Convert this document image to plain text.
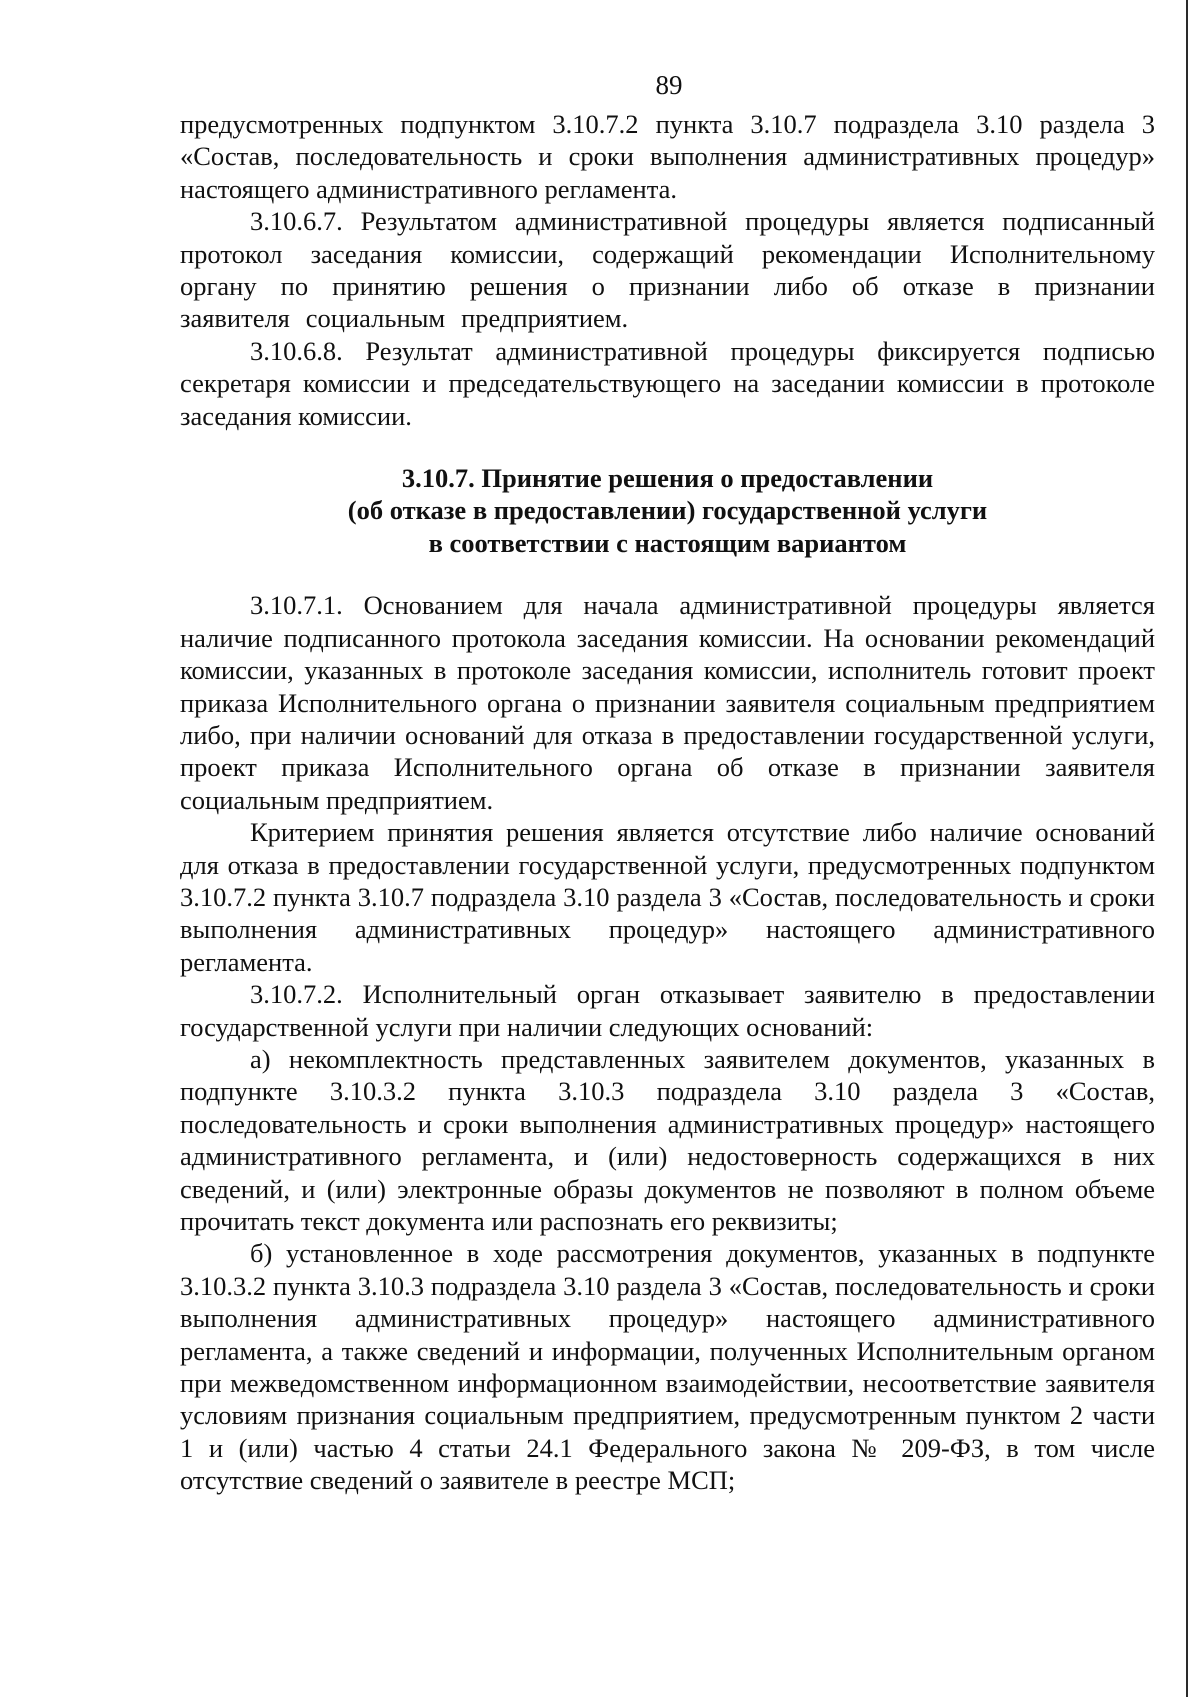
89

предусмотренных подпунктом 3.10.7.2 пункта 3.10.7 подраздела 3.10 раздела 3 «Состав, последовательность и сроки выполнения административных процедур» настоящего административного регламента.

3.10.6.7. Результатом административной процедуры является подписанный протокол заседания комиссии, содержащий рекомендации Исполнительному органу по принятию решения о признании либо об отказе в признании заявителя социальным предприятием.

3.10.6.8. Результат административной процедуры фиксируется подписью секретаря комиссии и председательствующего на заседании комиссии в протоколе заседания комиссии.

3.10.7. Принятие решения о предоставлении
(об отказе в предоставлении) государственной услуги
в соответствии с настоящим вариантом

3.10.7.1. Основанием для начала административной процедуры является наличие подписанного протокола заседания комиссии. На основании рекомендаций комиссии, указанных в протоколе заседания комиссии, исполнитель готовит проект приказа Исполнительного органа о признании заявителя социальным предприятием либо, при наличии оснований для отказа в предоставлении государственной услуги, проект приказа Исполнительного органа об отказе в признании заявителя социальным предприятием.

Критерием принятия решения является отсутствие либо наличие оснований для отказа в предоставлении государственной услуги, предусмотренных подпунктом 3.10.7.2 пункта 3.10.7 подраздела 3.10 раздела 3 «Состав, последовательность и сроки выполнения административных процедур» настоящего административного регламента.

3.10.7.2. Исполнительный орган отказывает заявителю в предоставлении государственной услуги при наличии следующих оснований:

а) некомплектность представленных заявителем документов, указанных в подпункте 3.10.3.2 пункта 3.10.3 подраздела 3.10 раздела 3 «Состав, последовательность и сроки выполнения административных процедур» настоящего административного регламента, и (или) недостоверность содержащихся в них сведений, и (или) электронные образы документов не позволяют в полном объеме прочитать текст документа или распознать его реквизиты;

б) установленное в ходе рассмотрения документов, указанных в подпункте 3.10.3.2 пункта 3.10.3 подраздела 3.10 раздела 3 «Состав, последовательность и сроки выполнения административных процедур» настоящего административного регламента, а также сведений и информации, полученных Исполнительным органом при межведомственном информационном взаимодействии, несоответствие заявителя условиям признания социальным предприятием, предусмотренным пунктом 2 части 1 и (или) частью 4 статьи 24.1 Федерального закона № 209-ФЗ, в том числе отсутствие сведений о заявителе в реестре МСП;
